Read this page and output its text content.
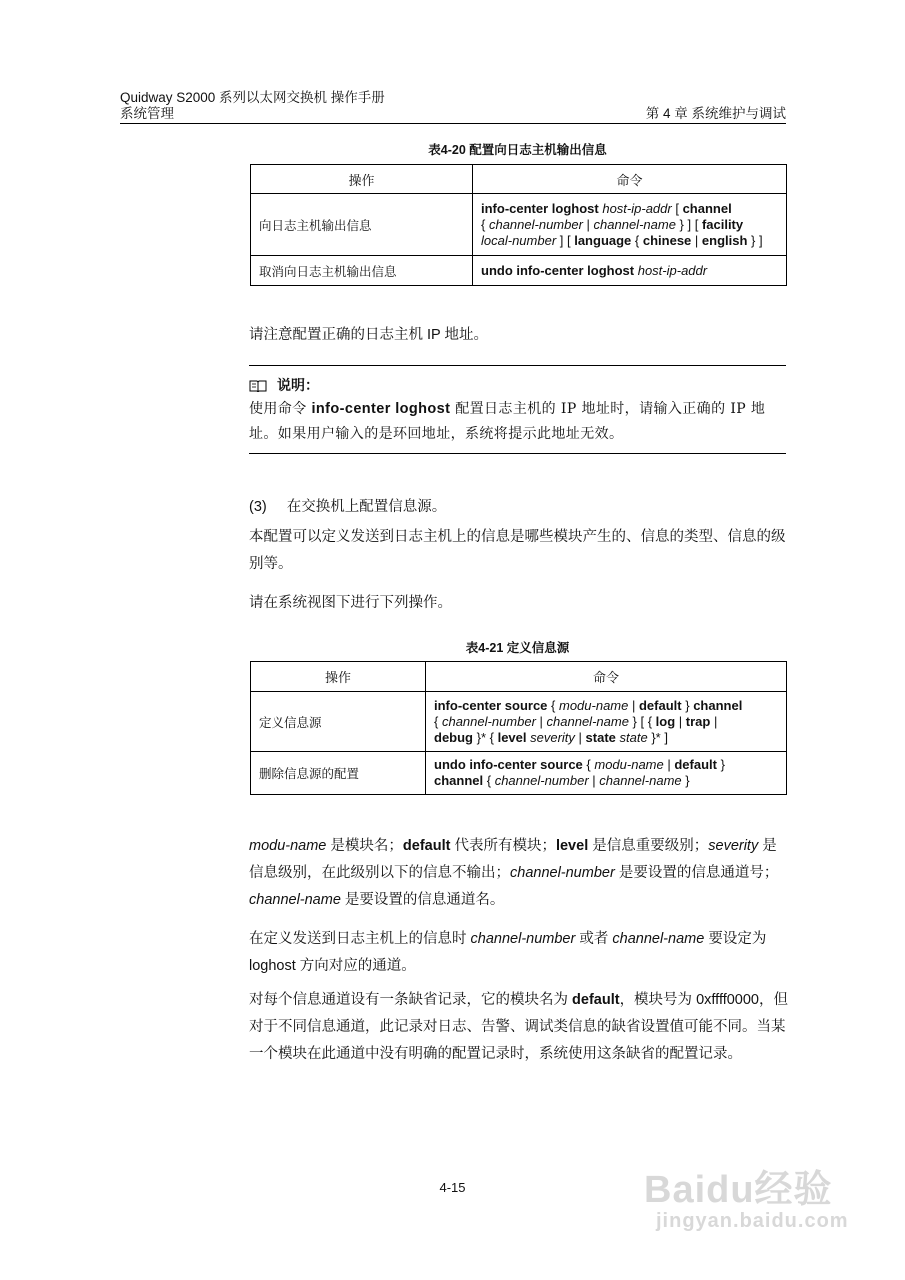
Quidway S2000 系列以太网交换机 操作手册
系统管理	第 4 章 系统维护与调试
表4-20 配置向日志主机输出信息
操作	命令
向日志主机输出信息	info-center loghost host-ip-addr [ channel
{ channel-number | channel-name } ] [ facility
local-number ] [ language { chinese | english } ]
取消向日志主机输出信息	undo info-center loghost host-ip-addr
请注意配置正确的日志主机 IP 地址。
说明：
使用命令 info-center loghost 配置日志主机的 IP 地址时，请输入正确的 IP 地址。如果用户输入的是环回地址，系统将提示此地址无效。
(3) 在交换机上配置信息源。
本配置可以定义发送到日志主机上的信息是哪些模块产生的、信息的类型、信息的级别等。
请在系统视图下进行下列操作。
表4-21 定义信息源
操作	命令
定义信息源	info-center source { modu-name | default } channel
{ channel-number | channel-name } [ { log | trap |
debug }* { level severity | state state }* ]
删除信息源的配置	undo info-center source { modu-name | default }
channel { channel-number | channel-name }
modu-name 是模块名；default 代表所有模块；level 是信息重要级别；severity 是信息级别，在此级别以下的信息不输出；channel-number 是要设置的信息通道号；channel-name 是要设置的信息通道名。
在定义发送到日志主机上的信息时 channel-number 或者 channel-name 要设定为 loghost 方向对应的通道。
对每个信息通道设有一条缺省记录，它的模块名为 default，模块号为 0xffff0000，但对于不同信息通道，此记录对日志、告警、调试类信息的缺省设置值可能不同。当某一个模块在此通道中没有明确的配置记录时，系统使用这条缺省的配置记录。
4-15	Baidu经验
jingyan.baidu.com
